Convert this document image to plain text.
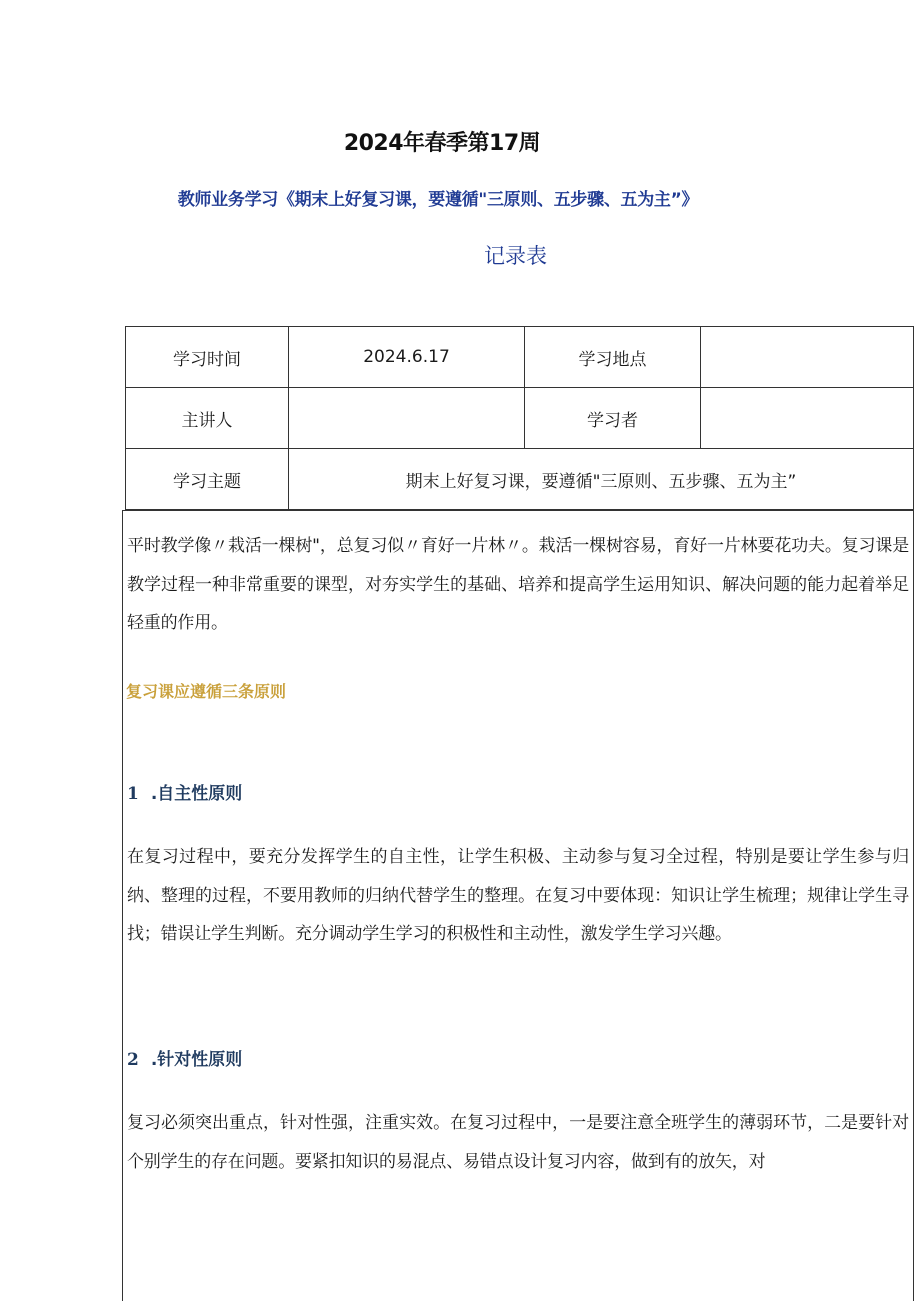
2024年春季第17周
教师业务学习《期末上好复习课，要遵循"三原则、五步骤、五为主”》
记录表
学习时间	2024.6.17	学习地点	
主讲人		学习者	
学习主题	期末上好复习课，要遵循"三原则、五步骤、五为主”		

平时教学像〃栽活一棵树"，总复习似〃育好一片林〃。栽活一棵树容易，育好一片林要花功夫。复习课是教学过程一种非常重要的课型，对夯实学生的基础、培养和提高学生运用知识、解决问题的能力起着举足轻重的作用。

复习课应遵循三条原则
1 .自主性原则

在复习过程中，要充分发挥学生的自主性，让学生积极、主动参与复习全过程，特别是要让学生参与归纳、整理的过程，不要用教师的归纳代替学生的整理。在复习中要体现：知识让学生梳理；规律让学生寻找；错误让学生判断。充分调动学生学习的积极性和主动性，激发学生学习兴趣。

2 .针对性原则

复习必须突出重点，针对性强，注重实效。在复习过程中，一是要注意全班学生的薄弱环节，二是要针对个别学生的存在问题。要紧扣知识的易混点、易错点设计复习内容，做到有的放矢，对
